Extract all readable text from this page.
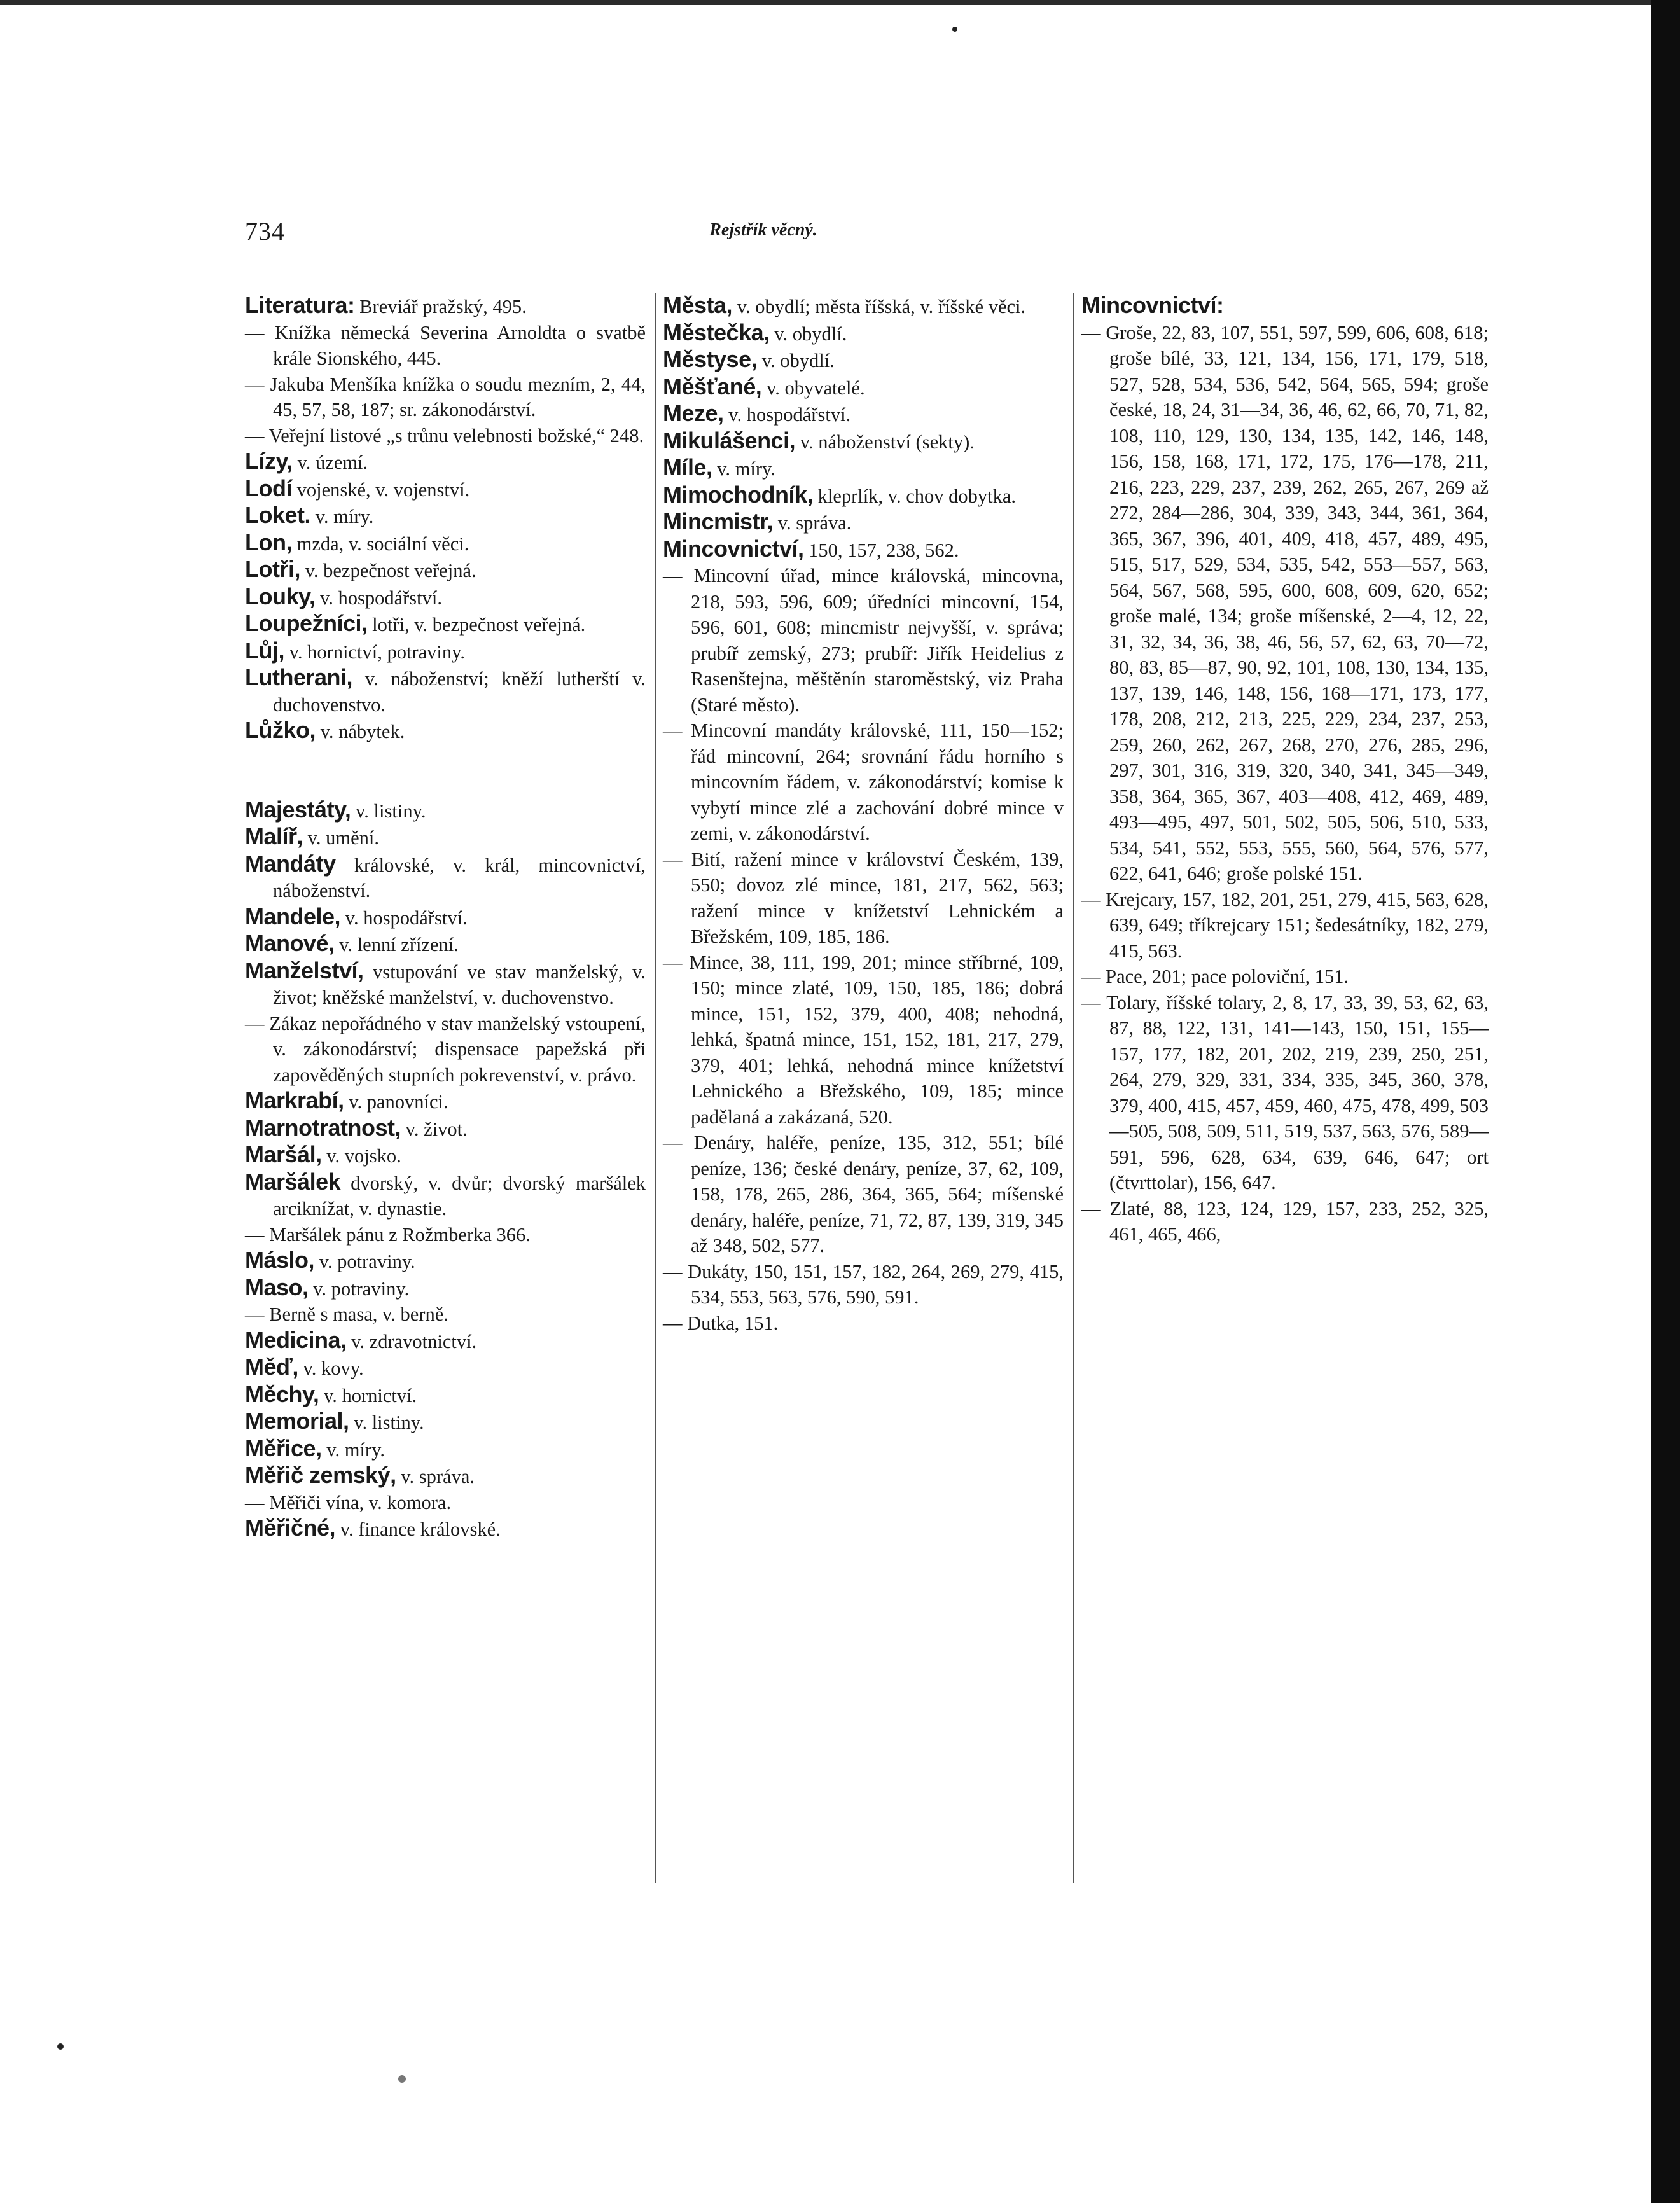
734	Rejstřík věcný.

Literatura: Breviář pražský, 495.

— Knížka německá Severina Arnoldta o svatbě krále Sionského, 445.

— Jakuba Menšíka knížka o soudu mezním, 2, 44, 45, 57, 58, 187; sr. zákonodárství.

— Veřejní listové „s trůnu velebnosti božské,“ 248.

Lízy, v. území.

Lodí vojenské, v. vojenství.

Loket. v. míry.

Lon, mzda, v. sociální věci.

Lotři, v. bezpečnost veřejná.

Louky, v. hospodářství.

Loupežníci, lotři, v. bezpečnost veřejná.

Lůj, v. hornictví, potraviny.

Lutherani, v. náboženství; kněží lutherští v. duchovenstvo.

Lůžko, v. nábytek.

Majestáty, v. listiny.

Malíř, v. umění.

Mandáty královské, v. král, mincovnictví, náboženství.

Mandele, v. hospodářství.

Manové, v. lenní zřízení.

Manželství, vstupování ve stav manželský, v. život; kněžské manželství, v. duchovenstvo.

— Zákaz nepořádného v stav manželský vstoupení, v. zákonodárství; dispensace papežská při zapověděných stupních pokrevenství, v. právo.

Markrabí, v. panovníci.

Marnotratnost, v. život.

Maršál, v. vojsko.

Maršálek dvorský, v. dvůr; dvorský maršálek arciknížat, v. dynastie.

— Maršálek pánu z Rožmberka 366.

Máslo, v. potraviny.

Maso, v. potraviny.

— Berně s masa, v. berně.

Medicina, v. zdravotnictví.

Měď, v. kovy.

Měchy, v. hornictví.

Memorial, v. listiny.

Měřice, v. míry.

Měřič zemský, v. správa.

— Měřiči vína, v. komora.

Měřičné, v. finance královské.

Města, v. obydlí; města říšská, v. říšské věci.

Městečka, v. obydlí.

Městyse, v. obydlí.

Měšťané, v. obyvatelé.

Meze, v. hospodářství.

Mikulášenci, v. náboženství (sekty).

Míle, v. míry.

Mimochodník, kleprlík, v. chov dobytka.

Mincmistr, v. správa.

Mincovnictví, 150, 157, 238, 562.

— Mincovní úřad, mince královská, mincovna, 218, 593, 596, 609; úředníci mincovní, 154, 596, 601, 608; mincmistr nejvyšší, v. správa; prubíř zemský, 273; prubíř: Jiřík Heidelius z Rasenštejna, měštěnín staroměstský, viz Praha (Staré město).

— Mincovní mandáty královské, 111, 150—152; řád mincovní, 264; srovnání řádu horního s mincovním řádem, v. zákonodárství; komise k vybytí mince zlé a zachování dobré mince v zemi, v. zákonodárství.

— Bití, ražení mince v království Českém, 139, 550; dovoz zlé mince, 181, 217, 562, 563; ražení mince v knížetství Lehnickém a Břežském, 109, 185, 186.

— Mince, 38, 111, 199, 201; mince stříbrné, 109, 150; mince zlaté, 109, 150, 185, 186; dobrá mince, 151, 152, 379, 400, 408; nehodná, lehká, špatná mince, 151, 152, 181, 217, 279, 379, 401; lehká, nehodná mince knížetství Lehnického a Břežského, 109, 185; mince padělaná a zakázaná, 520.

— Denáry, haléře, peníze, 135, 312, 551; bílé peníze, 136; české denáry, peníze, 37, 62, 109, 158, 178, 265, 286, 364, 365, 564; míšenské denáry, haléře, peníze, 71, 72, 87, 139, 319, 345 až 348, 502, 577.

— Dukáty, 150, 151, 157, 182, 264, 269, 279, 415, 534, 553, 563, 576, 590, 591.

— Dutka, 151.

Mincovnictví:

— Groše, 22, 83, 107, 551, 597, 599, 606, 608, 618; groše bílé, 33, 121, 134, 156, 171, 179, 518, 527, 528, 534, 536, 542, 564, 565, 594; groše české, 18, 24, 31—34, 36, 46, 62, 66, 70, 71, 82, 108, 110, 129, 130, 134, 135, 142, 146, 148, 156, 158, 168, 171, 172, 175, 176—178, 211, 216, 223, 229, 237, 239, 262, 265, 267, 269 až 272, 284—286, 304, 339, 343, 344, 361, 364, 365, 367, 396, 401, 409, 418, 457, 489, 495, 515, 517, 529, 534, 535, 542, 553—557, 563, 564, 567, 568, 595, 600, 608, 609, 620, 652; groše malé, 134; groše míšenské, 2—4, 12, 22, 31, 32, 34, 36, 38, 46, 56, 57, 62, 63, 70—72, 80, 83, 85—87, 90, 92, 101, 108, 130, 134, 135, 137, 139, 146, 148, 156, 168—171, 173, 177, 178, 208, 212, 213, 225, 229, 234, 237, 253, 259, 260, 262, 267, 268, 270, 276, 285, 296, 297, 301, 316, 319, 320, 340, 341, 345—349, 358, 364, 365, 367, 403—408, 412, 469, 489, 493—495, 497, 501, 502, 505, 506, 510, 533, 534, 541, 552, 553, 555, 560, 564, 576, 577, 622, 641, 646; groše polské 151.

— Krejcary, 157, 182, 201, 251, 279, 415, 563, 628, 639, 649; tříkrejcary 151; šedesátníky, 182, 279, 415, 563.

— Pace, 201; pace poloviční, 151.

— Tolary, říšské tolary, 2, 8, 17, 33, 39, 53, 62, 63, 87, 88, 122, 131, 141—143, 150, 151, 155—157, 177, 182, 201, 202, 219, 239, 250, 251, 264, 279, 329, 331, 334, 335, 345, 360, 378, 379, 400, 415, 457, 459, 460, 475, 478, 499, 503—505, 508, 509, 511, 519, 537, 563, 576, 589—591, 596, 628, 634, 639, 646, 647; ort (čtvrttolar), 156, 647.

— Zlaté, 88, 123, 124, 129, 157, 233, 252, 325, 461, 465, 466,
